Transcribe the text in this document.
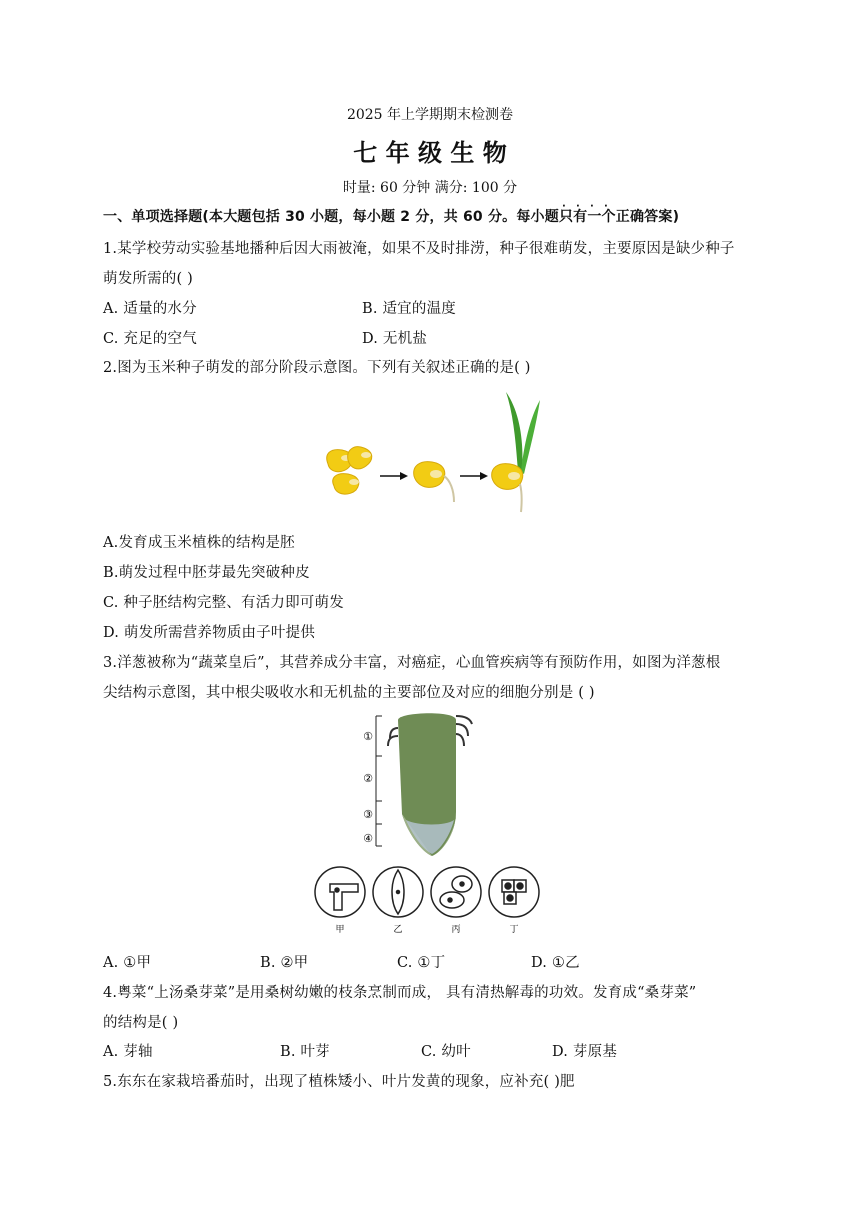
2025 年上学期期末检测卷
七 年 级 生 物
时量: 60 分钟 满分: 100 分
一、单项选择题(本大题包括 30 小题，每小题 2 分，共 60 分。每小题只有一个
· · · ·
正确答案)
1.某学校劳动实验基地播种后因大雨被淹，如果不及时排涝，种子很难萌发，主要原因是缺少种子
萌发所需的( )
A. 适量的水分	B. 适宜的温度
C. 充足的空气	D. 无机盐
2.图为玉米种子萌发的部分阶段示意图。下列有关叙述正确的是( )
A.发育成玉米植株的结构是胚
B.萌发过程中胚芽最先突破种皮
C. 种子胚结构完整、有活力即可萌发
D. 萌发所需营养物质由子叶提供
3.洋葱被称为“蔬菜皇后”，其营养成分丰富，对癌症，心血管疾病等有预防作用，如图为洋葱根
尖结构示意图，其中根尖吸收水和无机盐的主要部位及对应的细胞分别是 ( )
①
②
③
④
甲	乙	丙	丁
A. ①甲	B. ②甲	C. ①丁	D. ①乙
4.粤菜“上汤桑芽菜”是用桑树幼嫩的枝条烹制而成， 具有清热解毒的功效。发育成“桑芽菜”
的结构是( )
A. 芽轴	B. 叶芽	C. 幼叶	D. 芽原基
5.东东在家栽培番茄时，出现了植株矮小、叶片发黄的现象，应补充( )肥
